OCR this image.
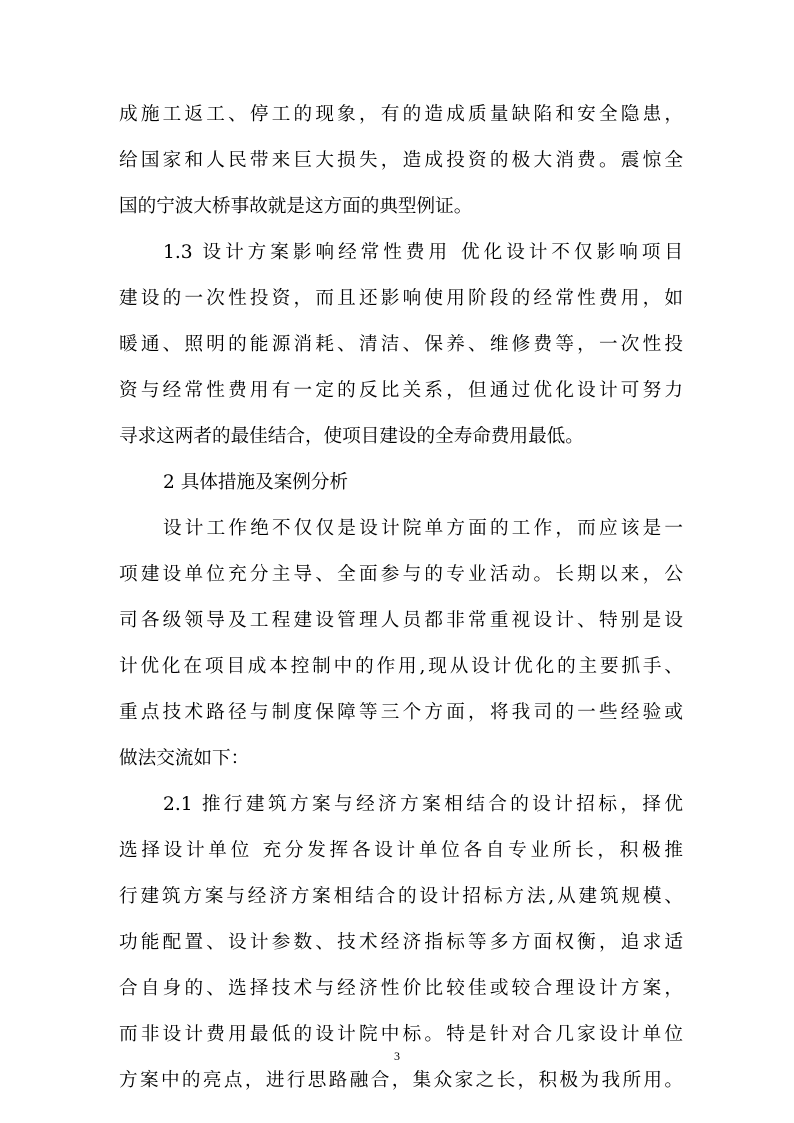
成施工返工、停工的现象，有的造成质量缺陷和安全隐患，
给国家和人民带来巨大损失，造成投资的极大消费。震惊全
国的宁波大桥事故就是这方面的典型例证。
1.3 设计方案影响经常性费用 优化设计不仅影响项目
建设的一次性投资，而且还影响使用阶段的经常性费用，如
暖通、照明的能源消耗、清洁、保养、维修费等，一次性投
资与经常性费用有一定的反比关系，但通过优化设计可努力
寻求这两者的最佳结合，使项目建设的全寿命费用最低。
2 具体措施及案例分析
设计工作绝不仅仅是设计院单方面的工作，而应该是一
项建设单位充分主导、全面参与的专业活动。长期以来，公
司各级领导及工程建设管理人员都非常重视设计、特别是设
计优化在项目成本控制中的作用,现从设计优化的主要抓手、
重点技术路径与制度保障等三个方面，将我司的一些经验或
做法交流如下：
2.1 推行建筑方案与经济方案相结合的设计招标，择优
选择设计单位 充分发挥各设计单位各自专业所长，积极推
行建筑方案与经济方案相结合的设计招标方法,从建筑规模、
功能配置、设计参数、技术经济指标等多方面权衡，追求适
合自身的、选择技术与经济性价比较佳或较合理设计方案，
而非设计费用最低的设计院中标。特是针对合几家设计单位
方案中的亮点，进行思路融合，集众家之长，积极为我所用。
3
